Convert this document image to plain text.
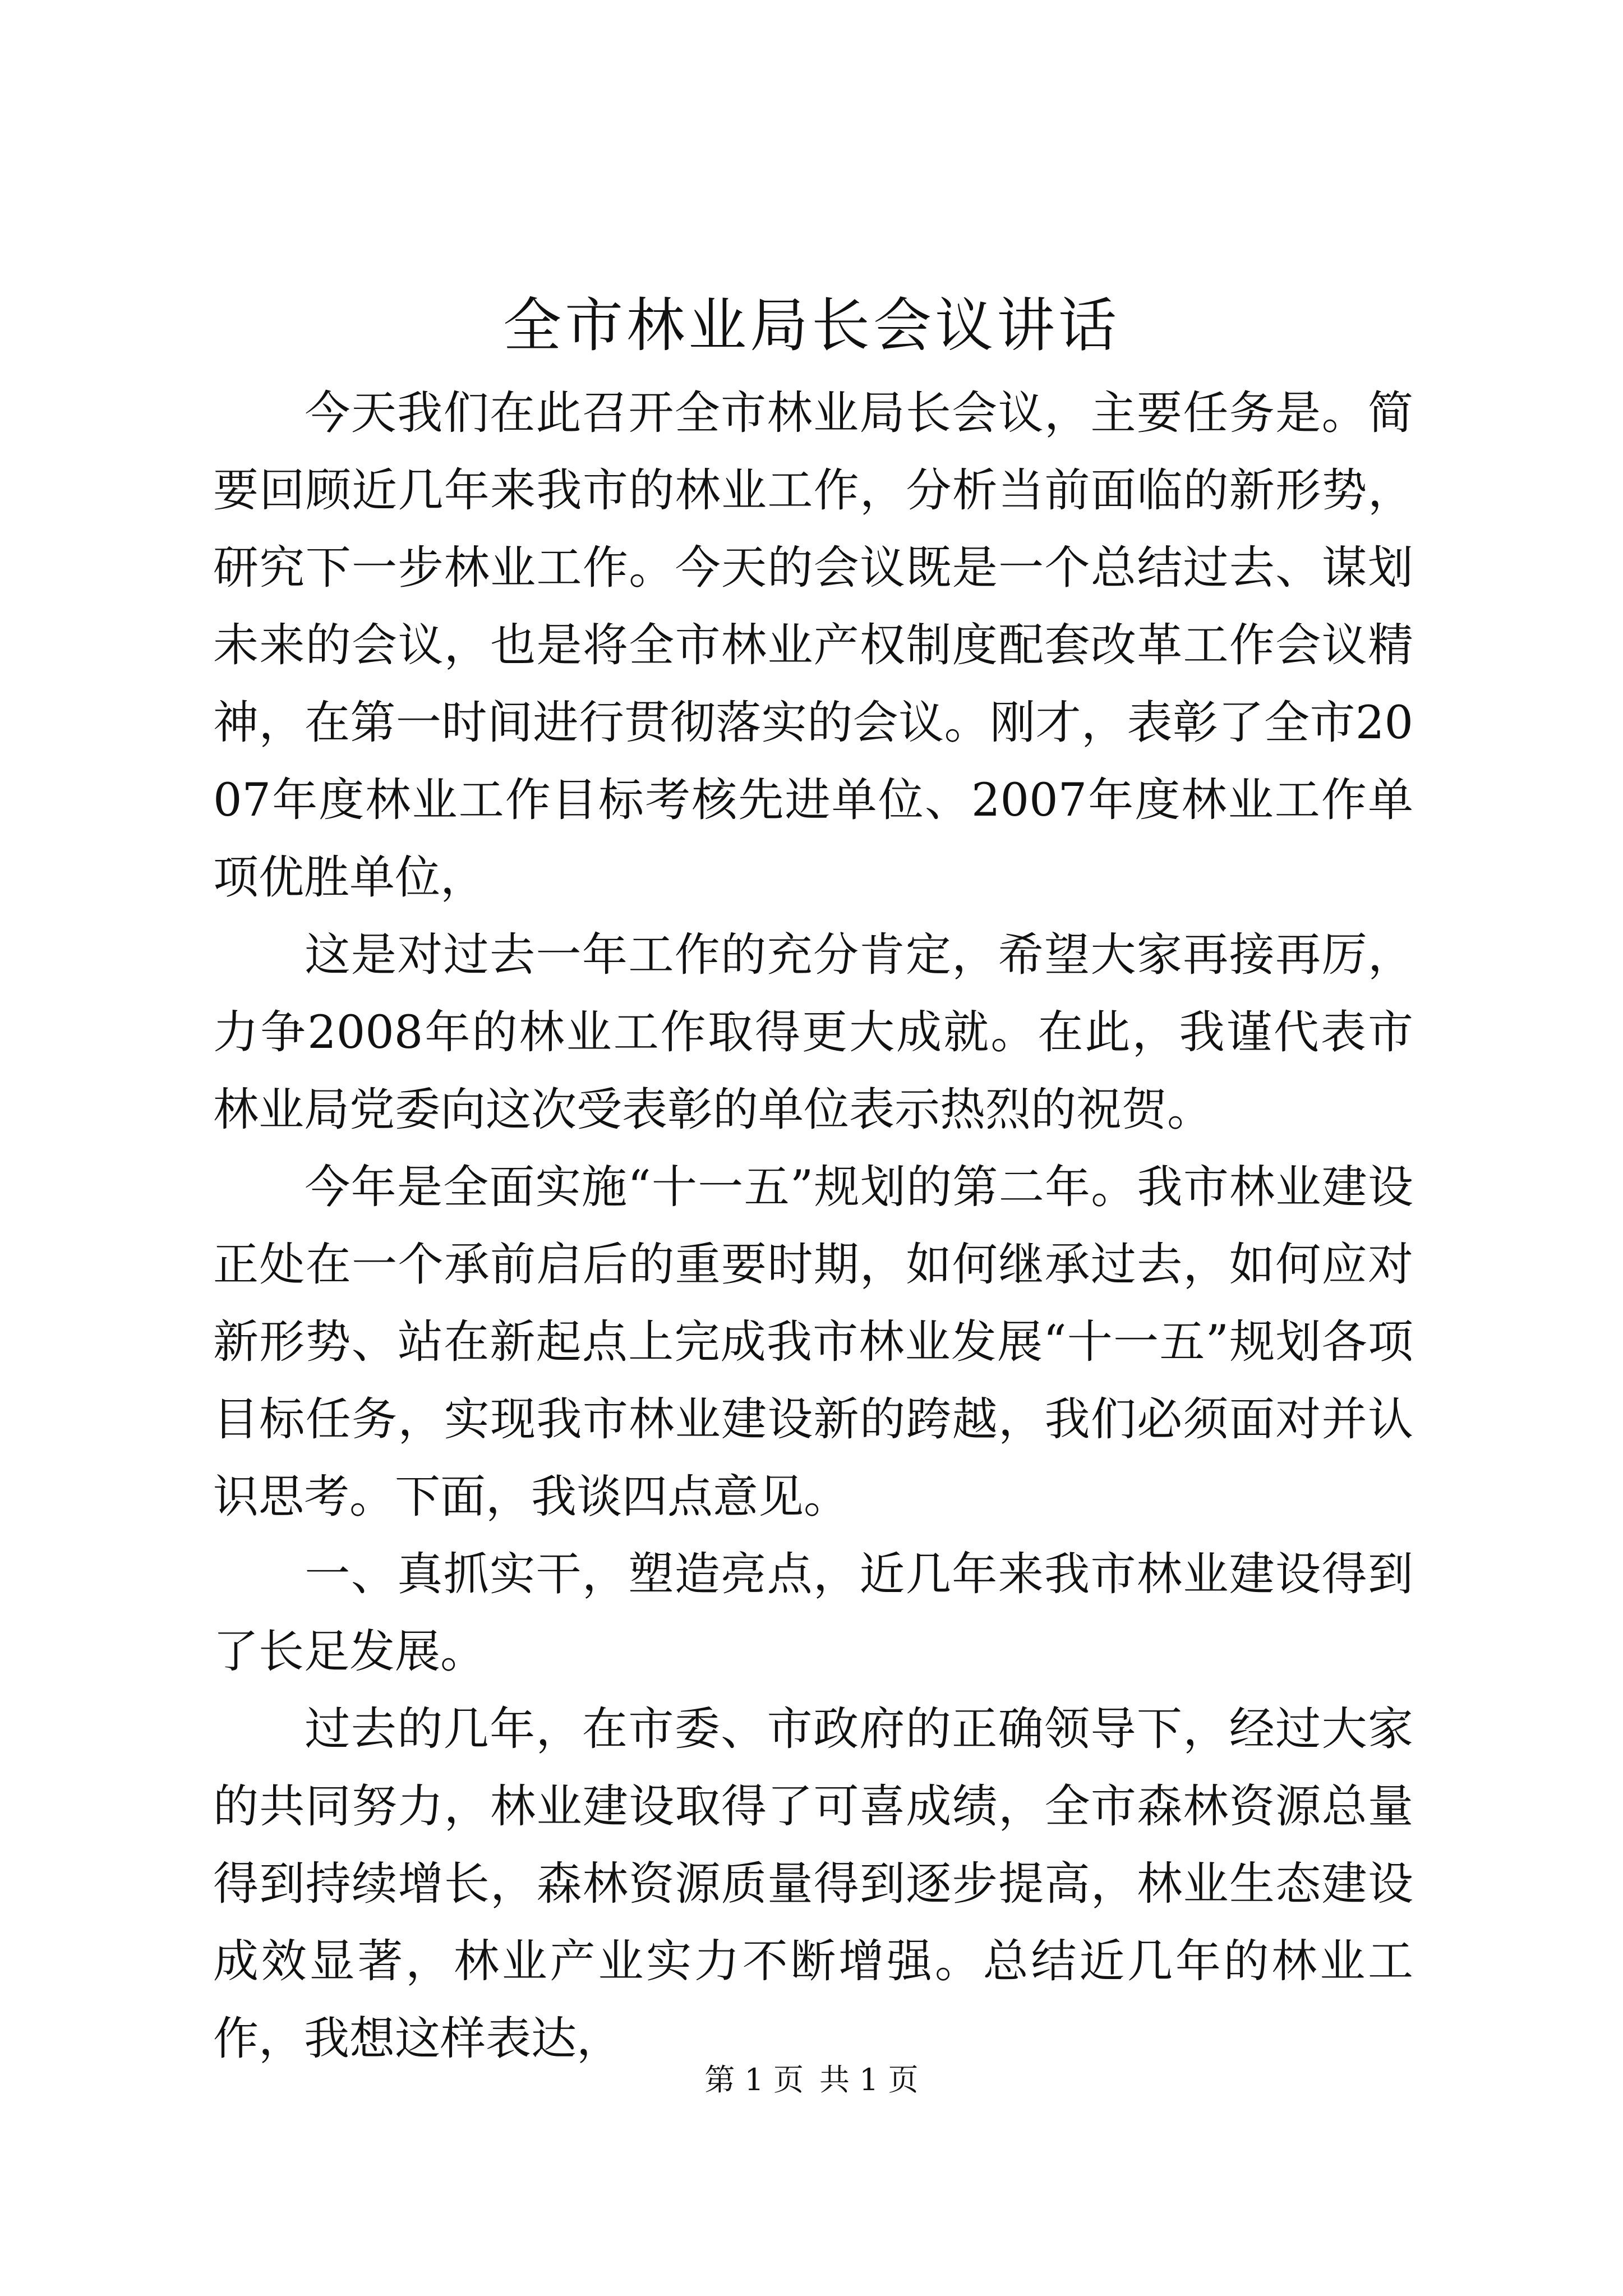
全市林业局长会议讲话

今天我们在此召开全市林业局长会议，主要任务是。简要回顾近几年来我市的林业工作，分析当前面临的新形势，研究下一步林业工作。今天的会议既是一个总结过去、谋划未来的会议，也是将全市林业产权制度配套改革工作会议精神，在第一时间进行贯彻落实的会议。刚才，表彰了全市2007年度林业工作目标考核先进单位、2007年度林业工作单项优胜单位，

这是对过去一年工作的充分肯定，希望大家再接再厉，力争2008年的林业工作取得更大成就。在此，我谨代表市林业局党委向这次受表彰的单位表示热烈的祝贺。

今年是全面实施“十一五”规划的第二年。我市林业建设正处在一个承前启后的重要时期，如何继承过去，如何应对新形势、站在新起点上完成我市林业发展“十一五”规划各项目标任务，实现我市林业建设新的跨越，我们必须面对并认识思考。下面，我谈四点意见。

一、真抓实干，塑造亮点，近几年来我市林业建设得到了长足发展。

过去的几年，在市委、市政府的正确领导下，经过大家的共同努力，林业建设取得了可喜成绩，全市森林资源总量得到持续增长，森林资源质量得到逐步提高，林业生态建设成效显著，林业产业实力不断增强。总结近几年的林业工作，我想这样表达，

第 1 页 共 1 页
